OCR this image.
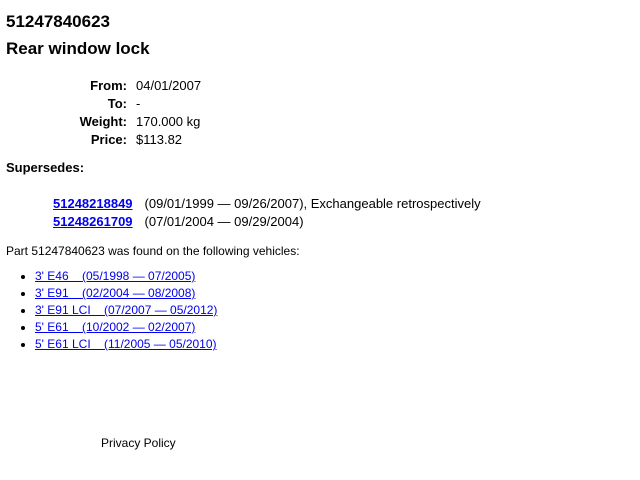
51247840623
Rear window lock
From: 04/01/2007
To: -
Weight: 170.000 kg
Price: $113.82
Supersedes:
51248218849 (09/01/1999 — 09/26/2007), Exchangeable retrospectively
51248261709 (07/01/2004 — 09/29/2004)
Part 51247840623 was found on the following vehicles:
• 3' E46    (05/1998 — 07/2005)
• 3' E91    (02/2004 — 08/2008)
• 3' E91 LCI    (07/2007 — 05/2012)
• 5' E61    (10/2002 — 02/2007)
• 5' E61 LCI    (11/2005 — 05/2010)
Privacy Policy
